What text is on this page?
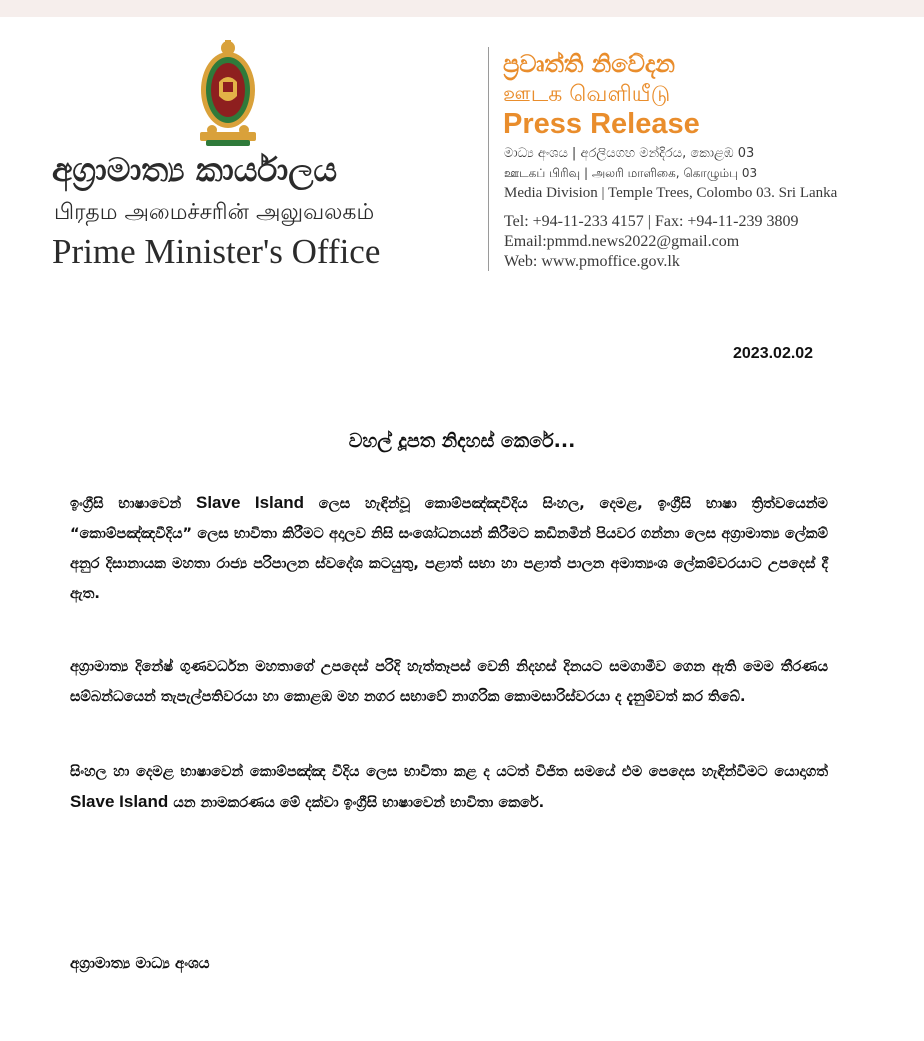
අග්‍රාමාත්‍ය කාර්යාලය
பிரதம அமைச்சரின் அலுவலகம்
Prime Minister's Office
ප්‍රවෘත්ති නිවේදන
ஊடக வெளியீடு
Press Release
මාධ්‍ය අංශය | අරලියගහ මන්දිරය, කොළඹ 03
ஊடகப் பிரிவு | அலரி மாளிகை, கொழும்பு 03
Media Division | Temple Trees, Colombo 03. Sri Lanka
Tel: +94-11-233 4157 | Fax: +94-11-239 3809
Email:pmmd.news2022@gmail.com
Web: www.pmoffice.gov.lk
2023.02.02
වහල් දූපත නිදහස් කෙරේ...

ඉංග්‍රීසි භාෂාවෙන් Slave Island ලෙස හැඳින්වූ කොම්පඤ්ඤවීදිය සිංහල, දෙමළ, ඉංග්‍රීසි භාෂා ත්‍රිත්වයෙන්ම “කොම්පඤ්ඤවීදිය” ලෙස භාවිතා කිරීමට අදාලව නිසි සංශෝධනයන් කිරීමට කඩිනමින් පියවර ගන්නා ලෙස අග්‍රාමාත්‍ය ලේකම් අනුර දිසානායක මහතා රාජ්‍ය පරිපාලන ස්වදේශ කටයුතු, පළාත් සභා හා පළාත් පාලන අමාත්‍යංශ ලේකම්වරයාට උපදෙස් දී ඇත.

අග්‍රාමාත්‍ය දිනේෂ් ගුණවර්ධන මහතාගේ උපදෙස් පරිදි හැත්තෑපස් වෙනි නිදහස් දිනයට සමගාමීව ගෙන ඇති මෙම තීරණය සම්බන්ධයෙන් තැපැල්පතිවරයා හා කොළඹ මහ නගර සභාවේ නාගරික කොමසාරිස්වරයා ද දැනුම්වත් කර තිබේ.

සිංහල හා දෙමළ භාෂාවෙන් කොම්පඤ්ඤ වීදිය ලෙස භාවිතා කළ ද යටත් විජිත සමයේ එම පෙදෙස හැඳින්වීමට යොදාගත් Slave Island යන නාමකරණය මේ දක්වා ඉංග්‍රීසි භාෂාවෙන් භාවිතා කෙරේ.

අග්‍රාමාත්‍ය මාධ්‍ය අංශය
